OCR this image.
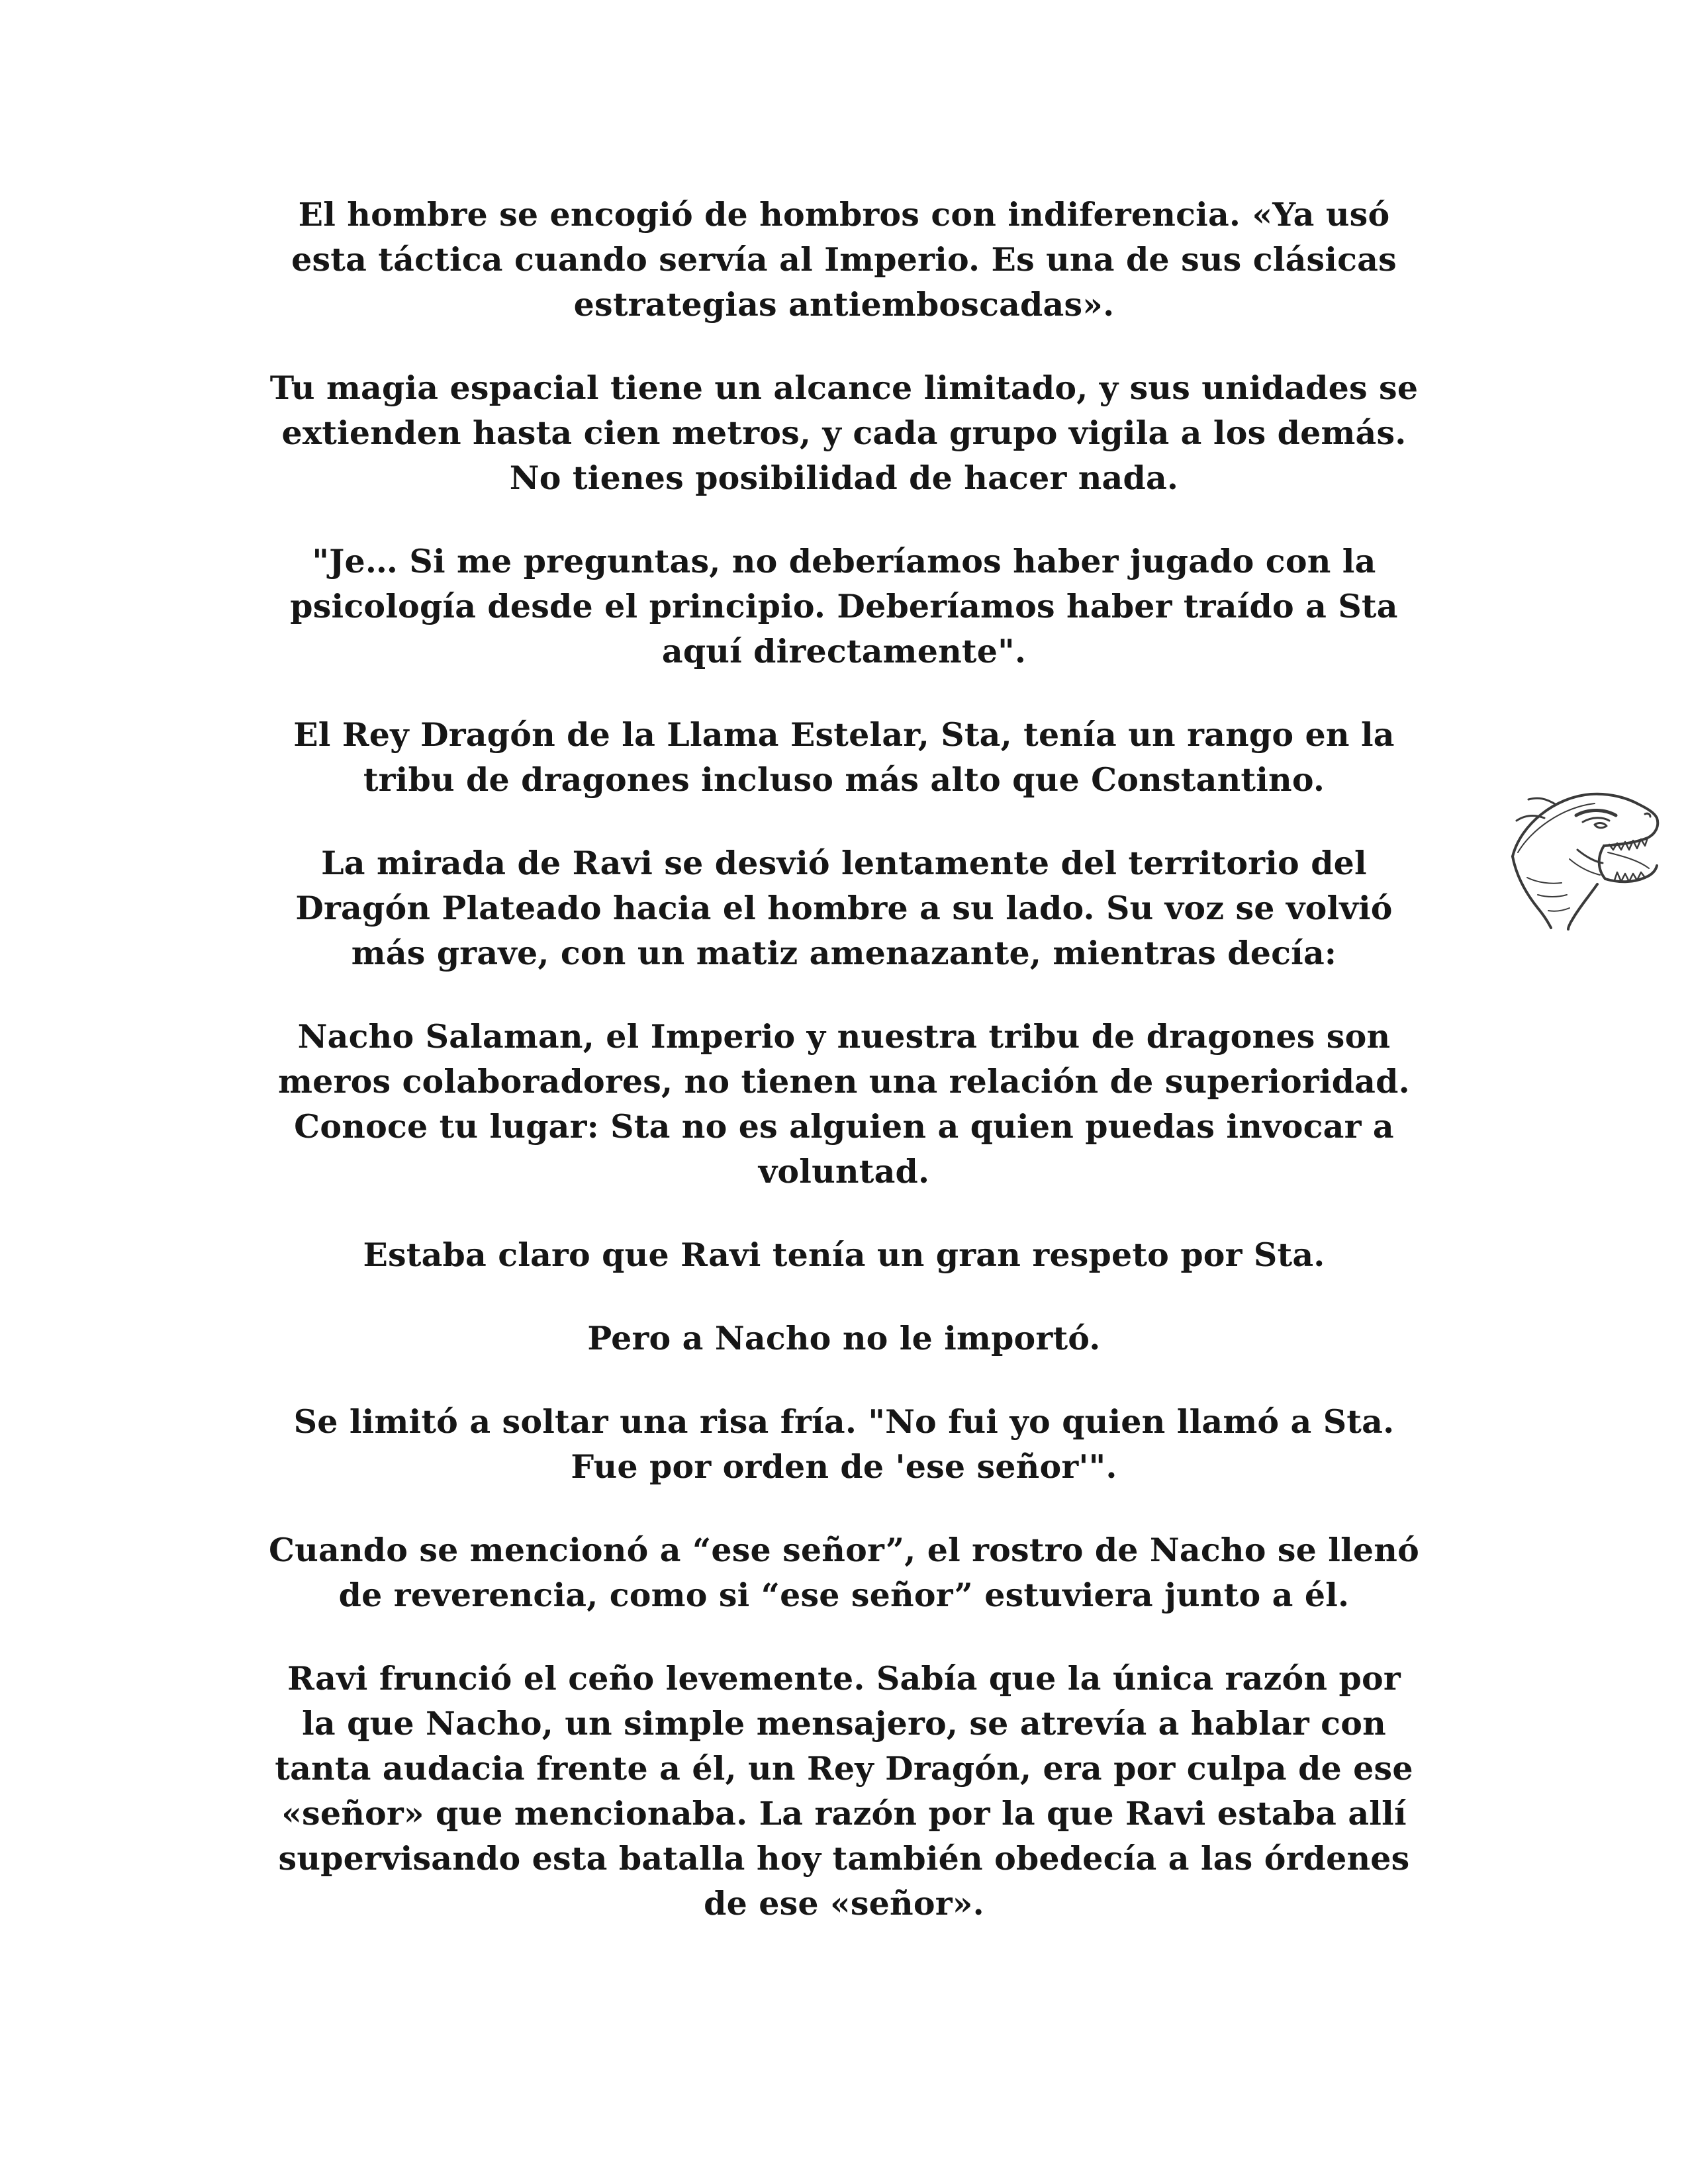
El hombre se encogió de hombros con indiferencia. «Ya usó
esta táctica cuando servía al Imperio. Es una de sus clásicas
estrategias antiemboscadas».

Tu magia espacial tiene un alcance limitado, y sus unidades se
extienden hasta cien metros, y cada grupo vigila a los demás.
No tienes posibilidad de hacer nada.

"Je… Si me preguntas, no deberíamos haber jugado con la
psicología desde el principio. Deberíamos haber traído a Sta
aquí directamente".

El Rey Dragón de la Llama Estelar, Sta, tenía un rango en la
tribu de dragones incluso más alto que Constantino.

La mirada de Ravi se desvió lentamente del territorio del
Dragón Plateado hacia el hombre a su lado. Su voz se volvió
más grave, con un matiz amenazante, mientras decía:

Nacho Salaman, el Imperio y nuestra tribu de dragones son
meros colaboradores, no tienen una relación de superioridad.
Conoce tu lugar: Sta no es alguien a quien puedas invocar a
voluntad.

Estaba claro que Ravi tenía un gran respeto por Sta.

Pero a Nacho no le importó.

Se limitó a soltar una risa fría. "No fui yo quien llamó a Sta.
Fue por orden de 'ese señor'".

Cuando se mencionó a “ese señor”, el rostro de Nacho se llenó
de reverencia, como si “ese señor” estuviera junto a él.

Ravi frunció el ceño levemente. Sabía que la única razón por
la que Nacho, un simple mensajero, se atrevía a hablar con
tanta audacia frente a él, un Rey Dragón, era por culpa de ese
«señor» que mencionaba. La razón por la que Ravi estaba allí
supervisando esta batalla hoy también obedecía a las órdenes
de ese «señor».
